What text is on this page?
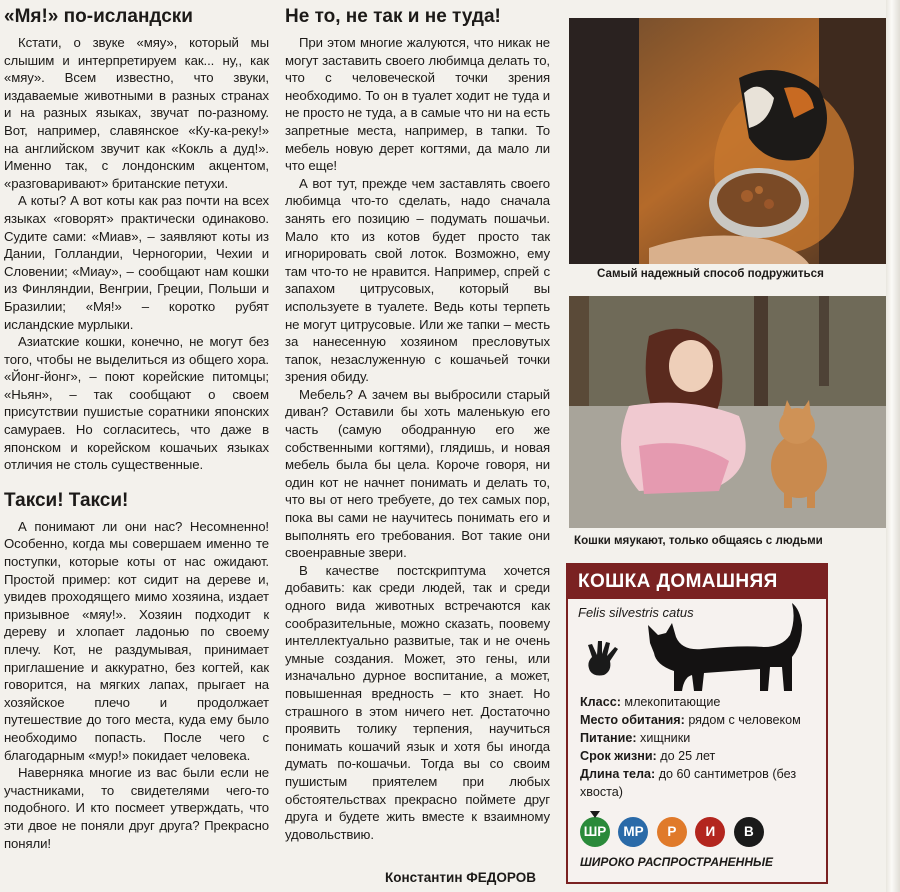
«Мя!» по-исландски

Кстати, о звуке «мяу», который мы слышим и интерпретируем как... ну,, как «мяу». Всем известно, что звуки, издаваемые животными в разных странах и на разных языках, звучат по-разному. Вот, например, славянское «Ку-ка-реку!» на английском звучит как «Кокль а дуд!». Именно так, с лондонским акцентом, «разговаривают» британские петухи.

А коты? А вот коты как раз почти на всех языках «говорят» практически одинаково. Судите сами: «Миав», – заявляют коты из Дании, Голландии, Черногории, Чехии и Словении; «Миау», – сообщают нам кошки из Финляндии, Венгрии, Греции, Польши и Бразилии; «Мя!» – коротко рубят исландские мурлыки.

Азиатские кошки, конечно, не могут без того, чтобы не выделиться из общего хора. «Йонг-йонг», – поют корейские питомцы; «Ньян», – так сообщают о своем присутствии пушистые соратники японских самураев. Но согласитесь, что даже в японском и корейском кошачьих языках отличия не столь существенные.

Такси! Такси!

А понимают ли они нас? Несомненно! Особенно, когда мы совершаем именно те поступки, которые коты от нас ожидают. Простой пример: кот сидит на дереве и, увидев проходящего мимо хозяина, издает призывное «мяу!». Хозяин подходит к дереву и хлопает ладонью по своему плечу. Кот, не раздумывая, принимает приглашение и аккуратно, без когтей, как говорится, на мягких лапах, прыгает на хозяйское плечо и продолжает путешествие до того места, куда ему было необходимо попасть. После чего с благодарным «мур!» покидает человека.

Наверняка многие из вас были если не участниками, то свидетелями чего-то подобного. И кто посмеет утверждать, что эти двое не поняли друг друга? Прекрасно поняли!

Не то, не так и не туда!

При этом многие жалуются, что никак не могут заставить своего любимца делать то, что с человеческой точки зрения необходимо. То он в туалет ходит не туда и не просто не туда, а в самые что ни на есть запретные места, например, в тапки. То мебель новую дерет когтями, да мало ли что еще!

А вот тут, прежде чем заставлять своего любимца что-то сделать, надо сначала занять его позицию – подумать пошачьи. Мало кто из котов будет просто так игнорировать свой лоток. Возможно, ему там что-то не нравится. Например, спрей с запахом цитрусовых, который вы используете в туалете. Ведь коты терпеть не могут цитрусовые. Или же тапки – месть за нанесенную хозяином пресловутых тапок, незаслуженную с кошачьей точки зрения обиду.

Мебель? А зачем вы выбросили старый диван? Оставили бы хоть маленькую его часть (самую ободранную его же собственными когтями), глядишь, и новая мебель была бы цела. Короче говоря, ни один кот не начнет понимать и делать то, что вы от него требуете, до тех самых пор, пока вы сами не научитесь понимать его и выполнять его требования. Вот такие они своенравные звери.

В качестве постскриптума хочется добавить: как среди людей, так и среди одного вида животных встречаются как сообразительные, можно сказать, поовему интеллектуально развитые, так и не очень умные создания. Может, это гены, или изначально дурное воспитание, а может, повышенная вредность – кто знает. Но страшного в этом ничего нет. Достаточно проявить толику терпения, научиться понимать кошачий язык и хотя бы иногда думать по-кошачьи. Тогда вы со своим пушистым приятелем при любых обстоятельствах прекрасно поймете друг друга и будете жить вместе к взаимному удовольствию.

Константин ФЕДОРОВ
Самый надежный способ подружиться
Кошки мяукают, только общаясь с людьми
КОШКА ДОМАШНЯЯ
Felis silvestris catus
Класс: млекопитающие
Место обитания: рядом с человеком
Питание: хищники
Срок жизни: до 25 лет
Длина тела: до 60 сантиметров (без хвоста)
ШР МР Р И В
ШИРОКО РАСПРОСТРАНЕННЫЕ
